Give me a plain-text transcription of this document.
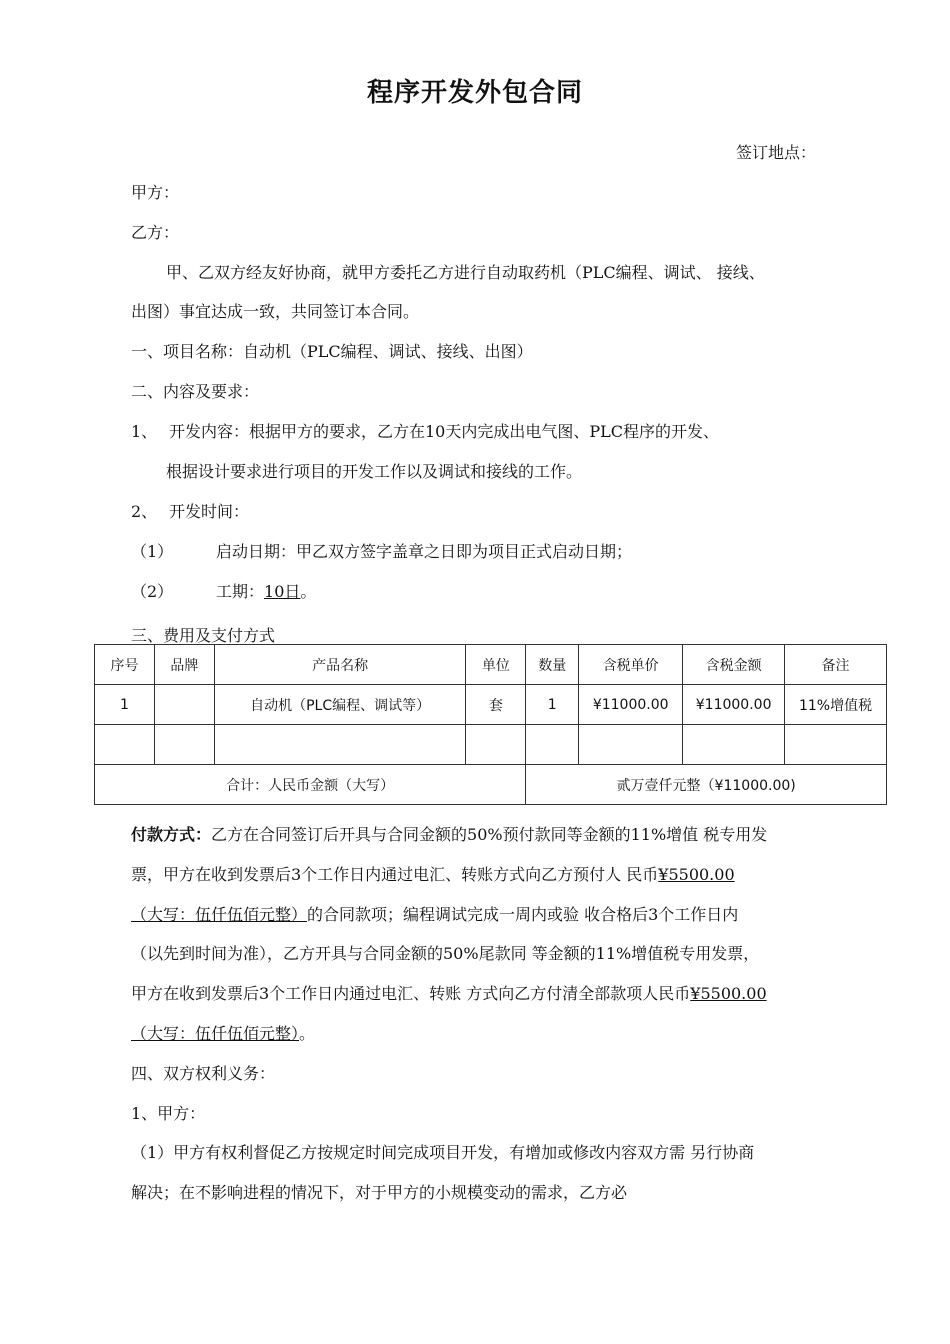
程序开发外包合同
签订地点：
甲方：
乙方：
甲、乙双方经友好协商，就甲方委托乙方进行自动取药机（PLC编程、调试、 接线、
出图）事宜达成一致，共同签订本合同。
一、项目名称：自动机（PLC编程、调试、接线、出图）
二、内容及要求：
1、 开发内容：根据甲方的要求，乙方在10天内完成出电气图、PLC程序的开发、
根据设计要求进行项目的开发工作以及调试和接线的工作。
2、 开发时间：
（1）	启动日期：甲乙双方签字盖章之日即为项目正式启动日期；
（2）	工期：10日。
三、费用及支付方式
序号	品牌	产品名称	单位	数量	含税单价	含税金额	备注
1		自动机（PLC编程、调试等）	套	1	¥11000.00	¥11000.00	11%增值税

合计：人民币金额（大写）				贰万壹仟元整（¥11000.00)			
付款方式：乙方在合同签订后开具与合同金额的50%预付款同等金额的11%增值 税专用发
票，甲方在收到发票后3个工作日内通过电汇、转账方式向乙方预付人 民币¥5500.00
（大写：伍仟伍佰元整）的合同款项；编程调试完成一周内或验 收合格后3个工作日内
（以先到时间为准），乙方开具与合同金额的50%尾款同 等金额的11%增值税专用发票，
甲方在收到发票后3个工作日内通过电汇、转账 方式向乙方付清全部款项人民币¥5500.00
（大写：伍仟伍佰元整）。
四、双方权利义务：
1、甲方：
（1）甲方有权利督促乙方按规定时间完成项目开发，有增加或修改内容双方需 另行协商
解决；在不影响进程的情况下，对于甲方的小规模变动的需求，乙方必
